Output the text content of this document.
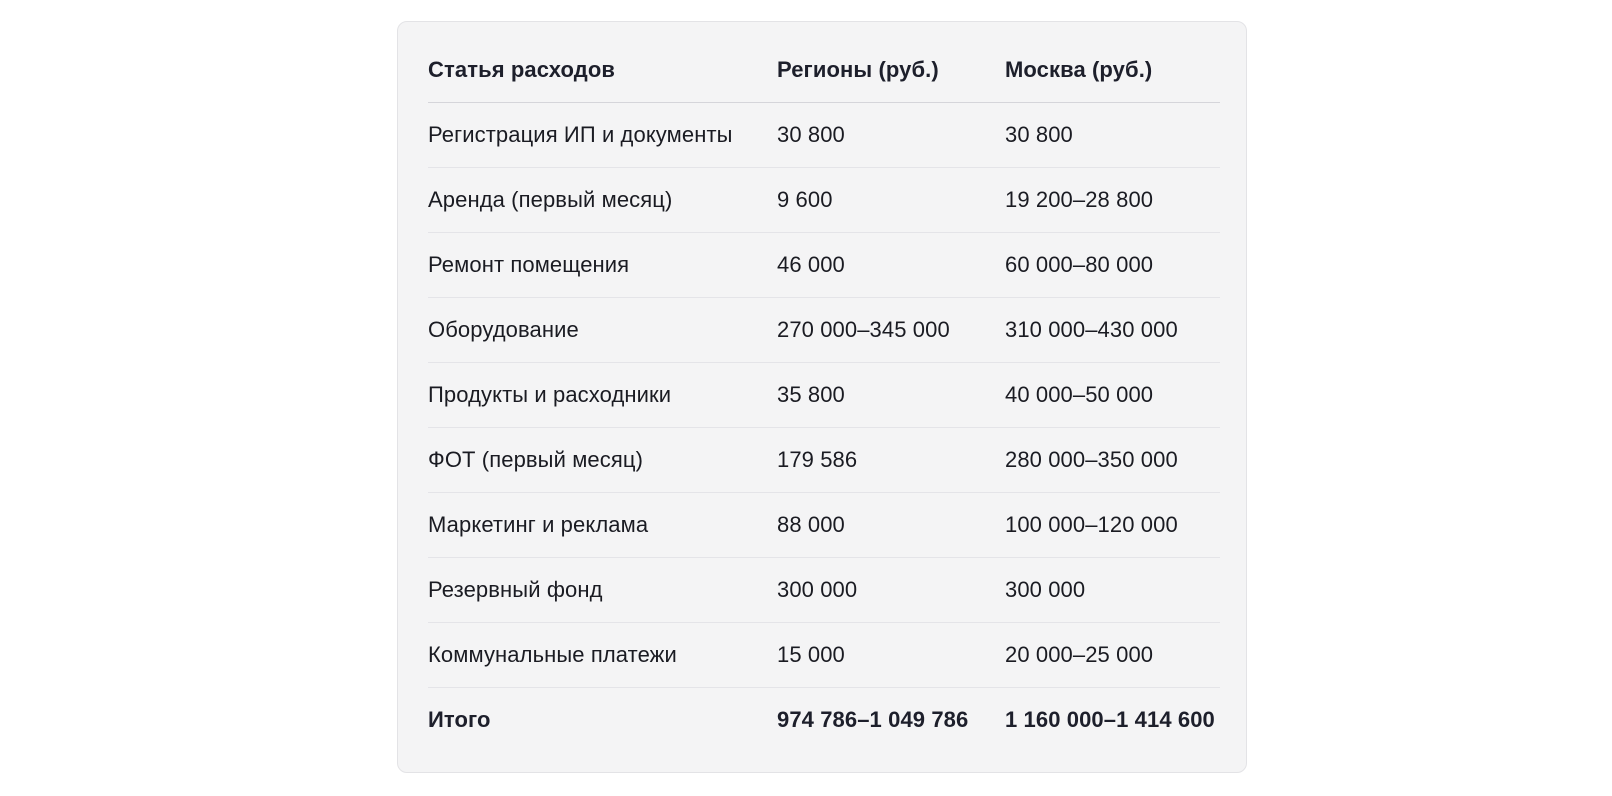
Статья расходов	Регионы (руб.)	Москва (руб.)
Регистрация ИП и документы	30 800	30 800
Аренда (первый месяц)	9 600	19 200–28 800
Ремонт помещения	46 000	60 000–80 000
Оборудование	270 000–345 000	310 000–430 000
Продукты и расходники	35 800	40 000–50 000
ФОТ (первый месяц)	179 586	280 000–350 000
Маркетинг и реклама	88 000	100 000–120 000
Резервный фонд	300 000	300 000
Коммунальные платежи	15 000	20 000–25 000
Итого	974 786–1 049 786	1 160 000–1 414 600
